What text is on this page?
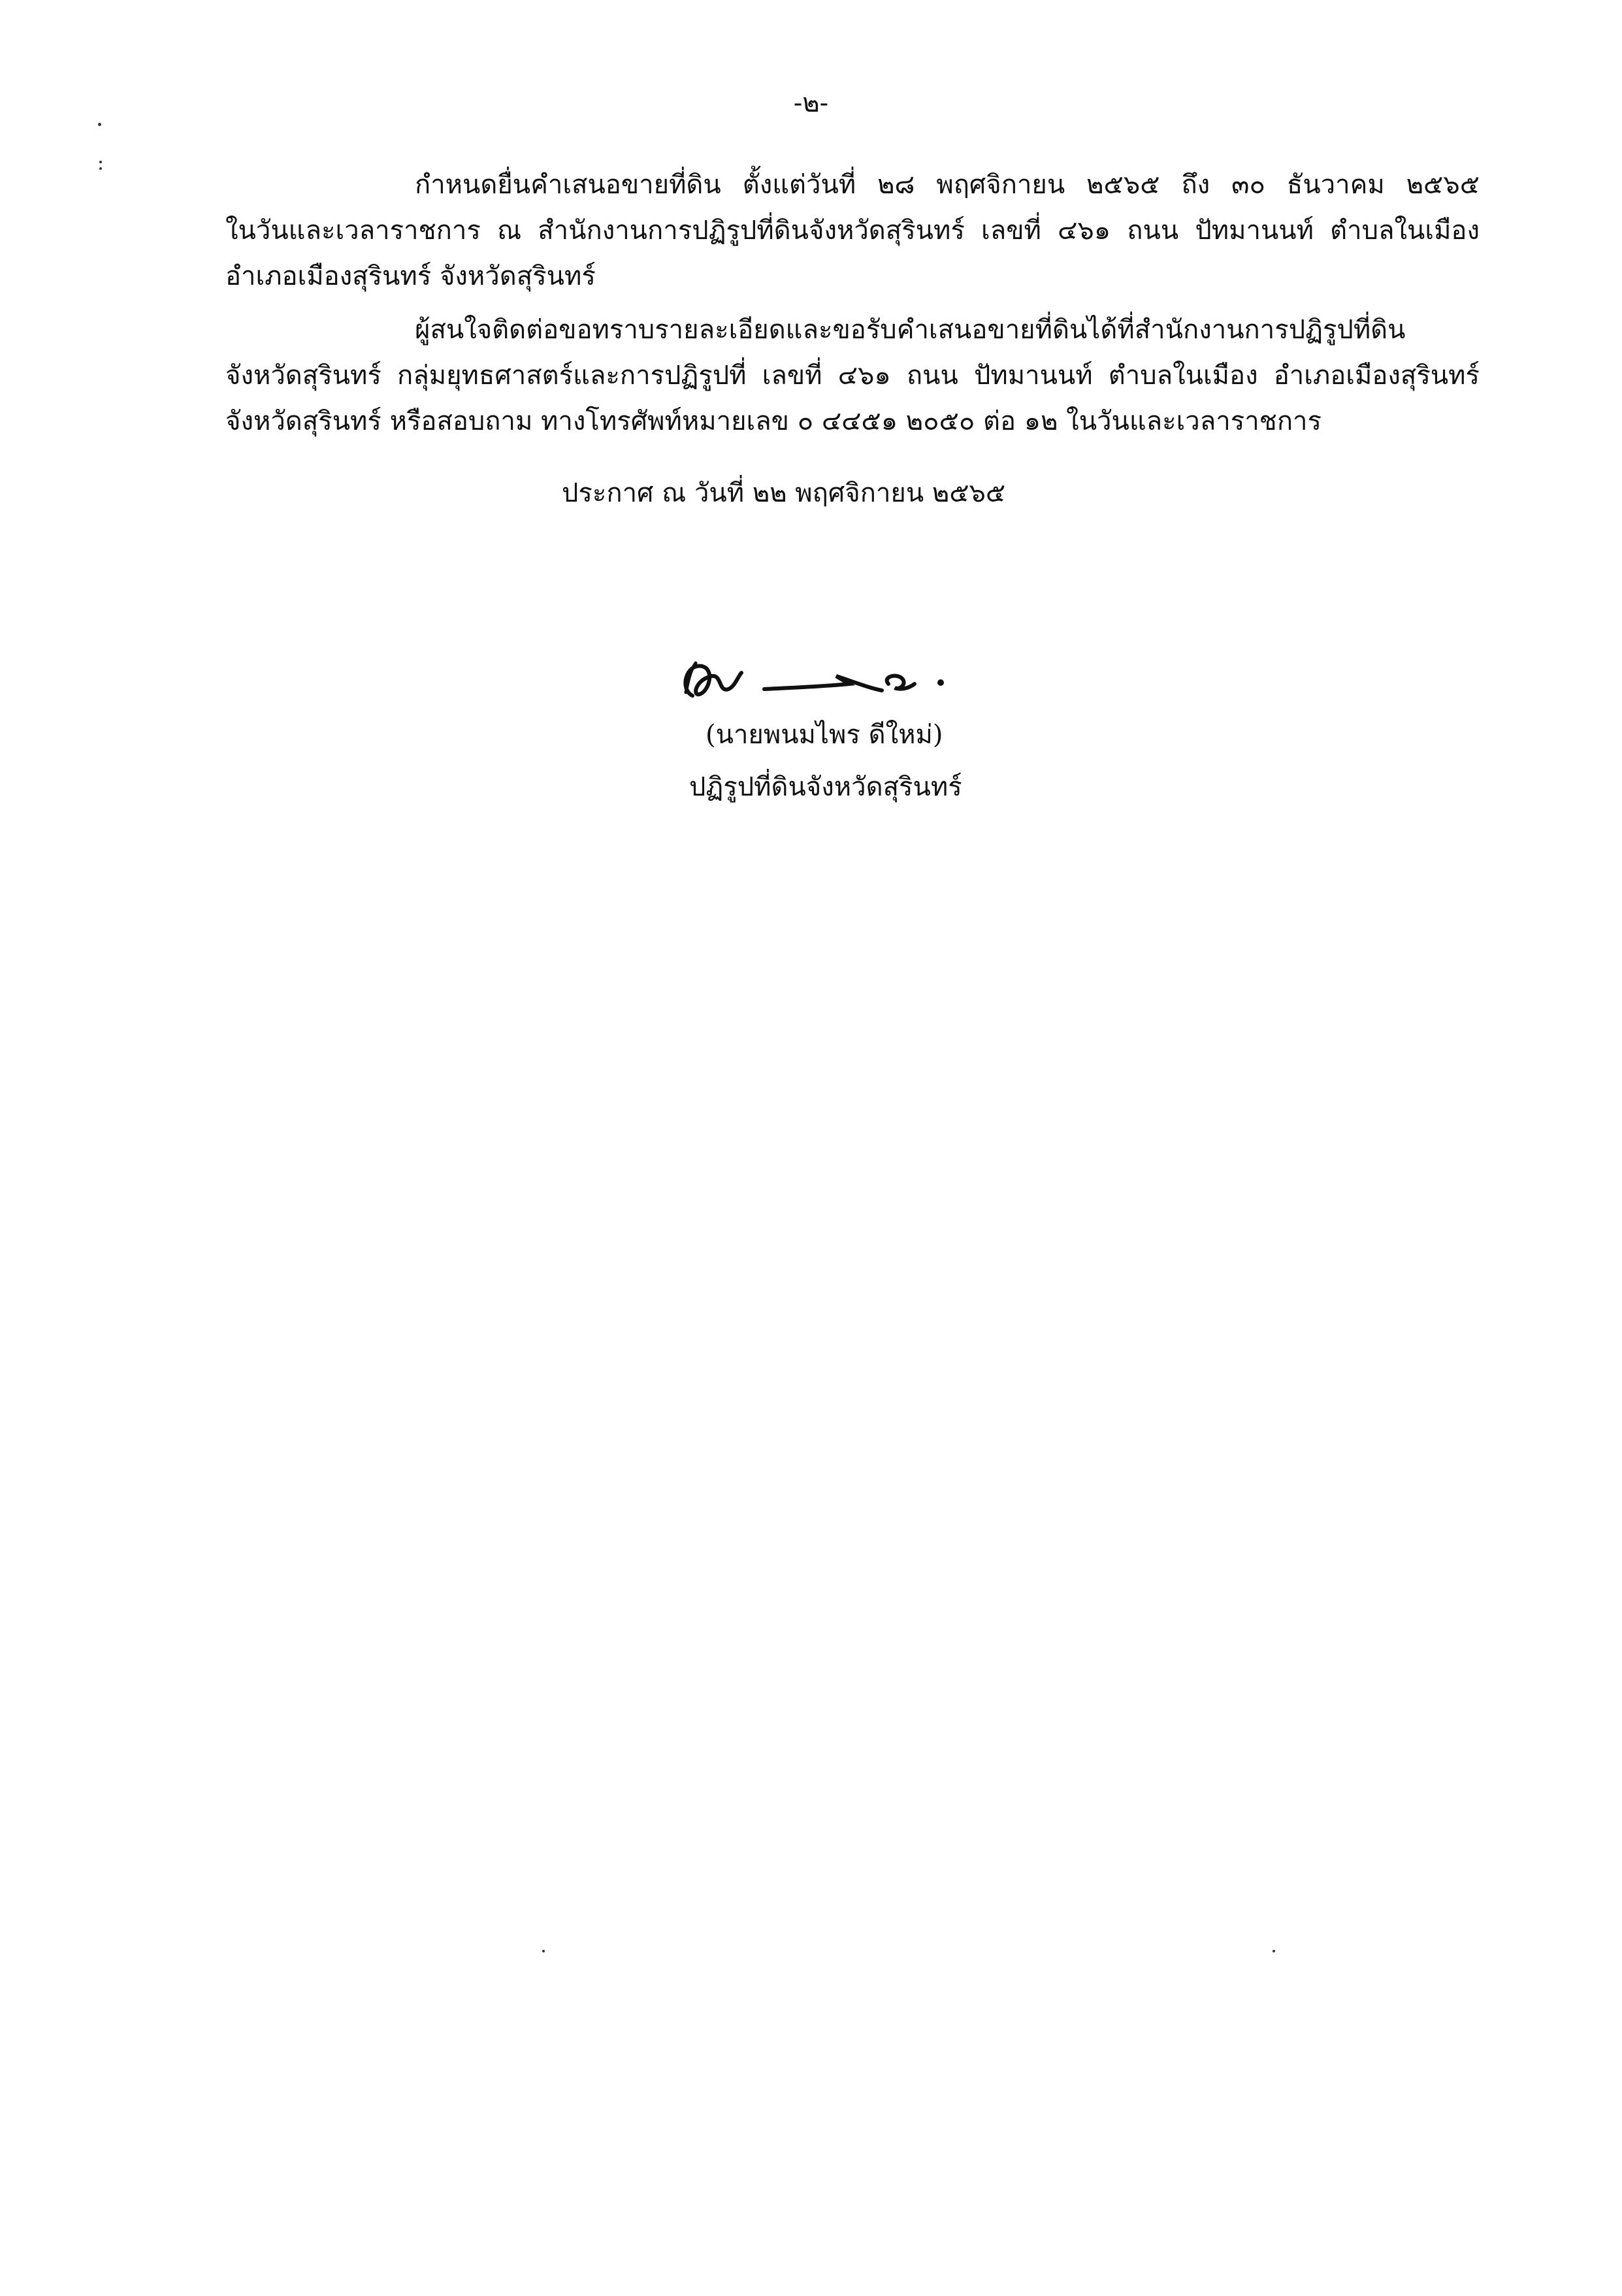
-๒-
กำหนดยื่นคำเสนอขายที่ดิน ตั้งแต่วันที่ ๒๘ พฤศจิกายน ๒๕๖๕ ถึง ๓๐ ธันวาคม ๒๕๖๕
ในวันและเวลาราชการ ณ สำนักงานการปฏิรูปที่ดินจังหวัดสุรินทร์ เลขที่ ๔๖๑ ถนน ปัทมานนท์ ตำบลในเมือง
อำเภอเมืองสุรินทร์ จังหวัดสุรินทร์
ผู้สนใจติดต่อขอทราบรายละเอียดและขอรับคำเสนอขายที่ดินได้ที่สำนักงานการปฏิรูปที่ดิน
จังหวัดสุรินทร์ กลุ่มยุทธศาสตร์และการปฏิรูปที่ เลขที่ ๔๖๑ ถนน ปัทมานนท์ ตำบลในเมือง อำเภอเมืองสุรินทร์
จังหวัดสุรินทร์ หรือสอบถาม ทางโทรศัพท์หมายเลข ๐ ๔๔๕๑ ๒๐๕๐ ต่อ ๑๒ ในวันและเวลาราชการ
ประกาศ ณ วันที่ ๒๒ พฤศจิกายน ๒๕๖๕
(นายพนมไพร ดีใหม่)
ปฏิรูปที่ดินจังหวัดสุรินทร์
